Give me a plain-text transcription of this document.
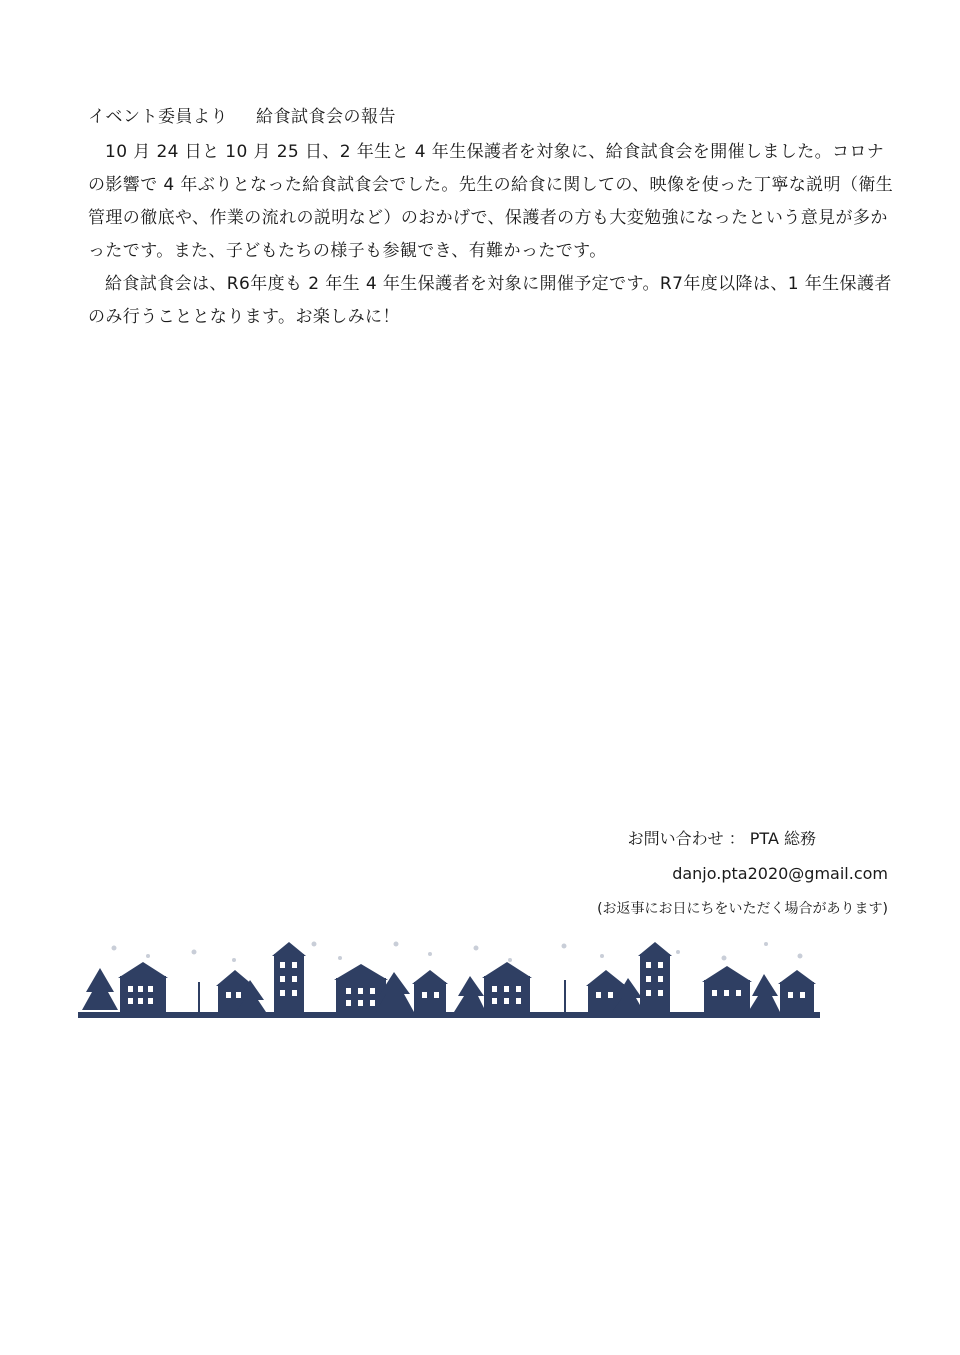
イベント委員より 給食試食会の報告

10 月 24 日と 10 月 25 日、2 年生と 4 年生保護者を対象に、給食試食会を開催しました。コロナの影響で 4 年ぶりとなった給食試食会でした。先生の給食に関しての、映像を使った丁寧な説明（衛生管理の徹底や、作業の流れの説明など）のおかげで、保護者の方も大変勉強になったという意見が多かったです。また、子どもたちの様子も参観でき、有難かったです。

給食試食会は、R6年度も 2 年生 4 年生保護者を対象に開催予定です。R7年度以降は、1 年生保護者のみ行うこととなります。お楽しみに！

お問い合わせ ： PTA 総務
danjo.pta2020@gmail.com
(お返事にお日にちをいただく場合があります)
